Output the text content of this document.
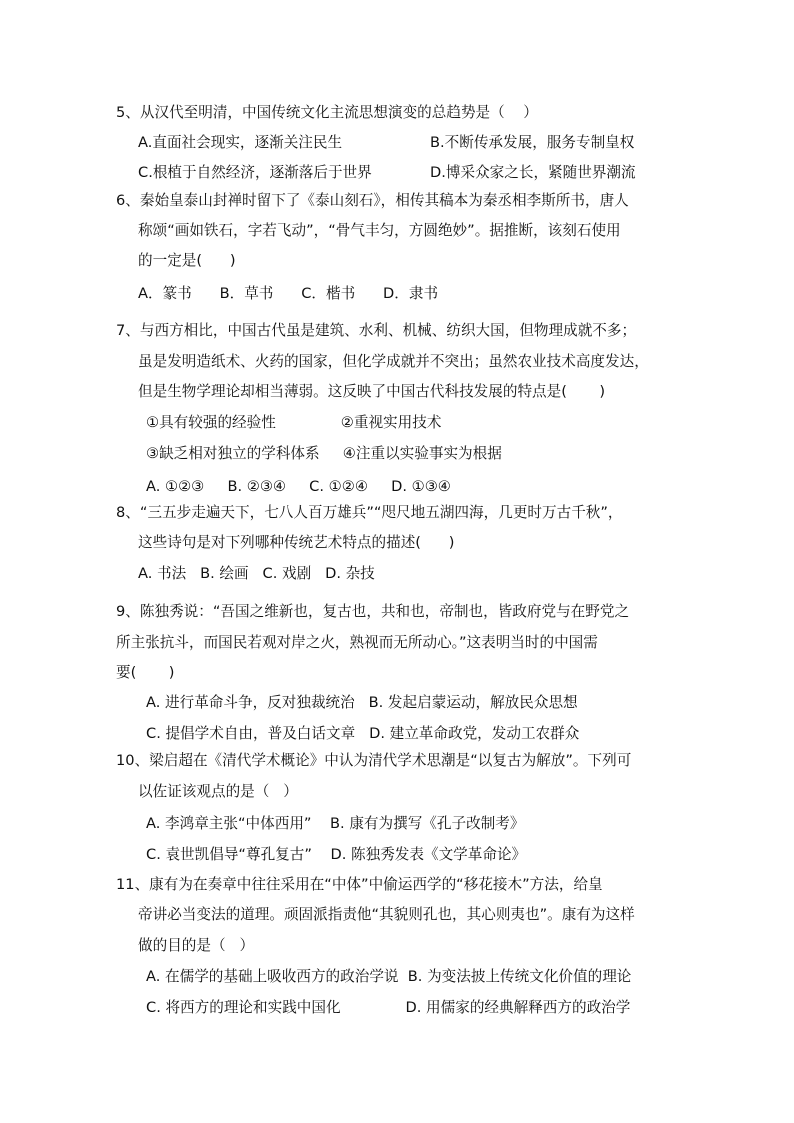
5、从汉代至明清，中国传统文化主流思想演变的总趋势是（    ）
A.直面社会现实，逐渐关注民生	B.不断传承发展，服务专制皇权
C.根植于自然经济，逐渐落后于世界	D.博采众家之长，紧随世界潮流
6、秦始皇泰山封禅时留下了《泰山刻石》，相传其稿本为秦丞相李斯所书，唐人
称颂“画如铁石，字若飞动”，“骨气丰匀，方圆绝妙”。据推断，该刻石使用
的一定是(      )
A．篆书      B．草书      C．楷书      D．隶书
7、与西方相比，中国古代虽是建筑、水利、机械、纺织大国，但物理成就不多；
虽是发明造纸术、火药的国家，但化学成就并不突出；虽然农业技术高度发达，
但是生物学理论却相当薄弱。这反映了中国古代科技发展的特点是(       )
①具有较强的经验性              ②重视实用技术
③缺乏相对独立的学科体系     ④注重以实验事实为根据
A. ①②③     B. ②③④     C. ①②④     D. ①③④
8、“三五步走遍天下，七八人百万雄兵”“咫尺地五湖四海，几更时万古千秋”，
这些诗句是对下列哪种传统艺术特点的描述(      )
A. 书法   B. 绘画   C. 戏剧   D. 杂技
9、陈独秀说：“吾国之维新也，复古也，共和也，帝制也，皆政府党与在野党之
所主张抗斗，而国民若观对岸之火，熟视而无所动心。”这表明当时的中国需
要(       )
A. 进行革命斗争，反对独裁统治   B. 发起启蒙运动，解放民众思想
C. 提倡学术自由，普及白话文章   D. 建立革命政党，发动工农群众
10、梁启超在《清代学术概论》中认为清代学术思潮是“以复古为解放”。下列可
以佐证该观点的是（   ）
A. 李鸿章主张“中体西用”    B. 康有为撰写《孔子改制考》
C. 袁世凯倡导“尊孔复古”    D. 陈独秀发表《文学革命论》
11、康有为在奏章中往往采用在“中体”中偷运西学的“移花接木”方法，给皇
帝讲必当变法的道理。顽固派指责他“其貌则孔也，其心则夷也”。康有为这样
做的目的是（   ）
A. 在儒学的基础上吸收西方的政治学说  B. 为变法披上传统文化价值的理论
C. 将西方的理论和实践中国化              D. 用儒家的经典解释西方的政治学
